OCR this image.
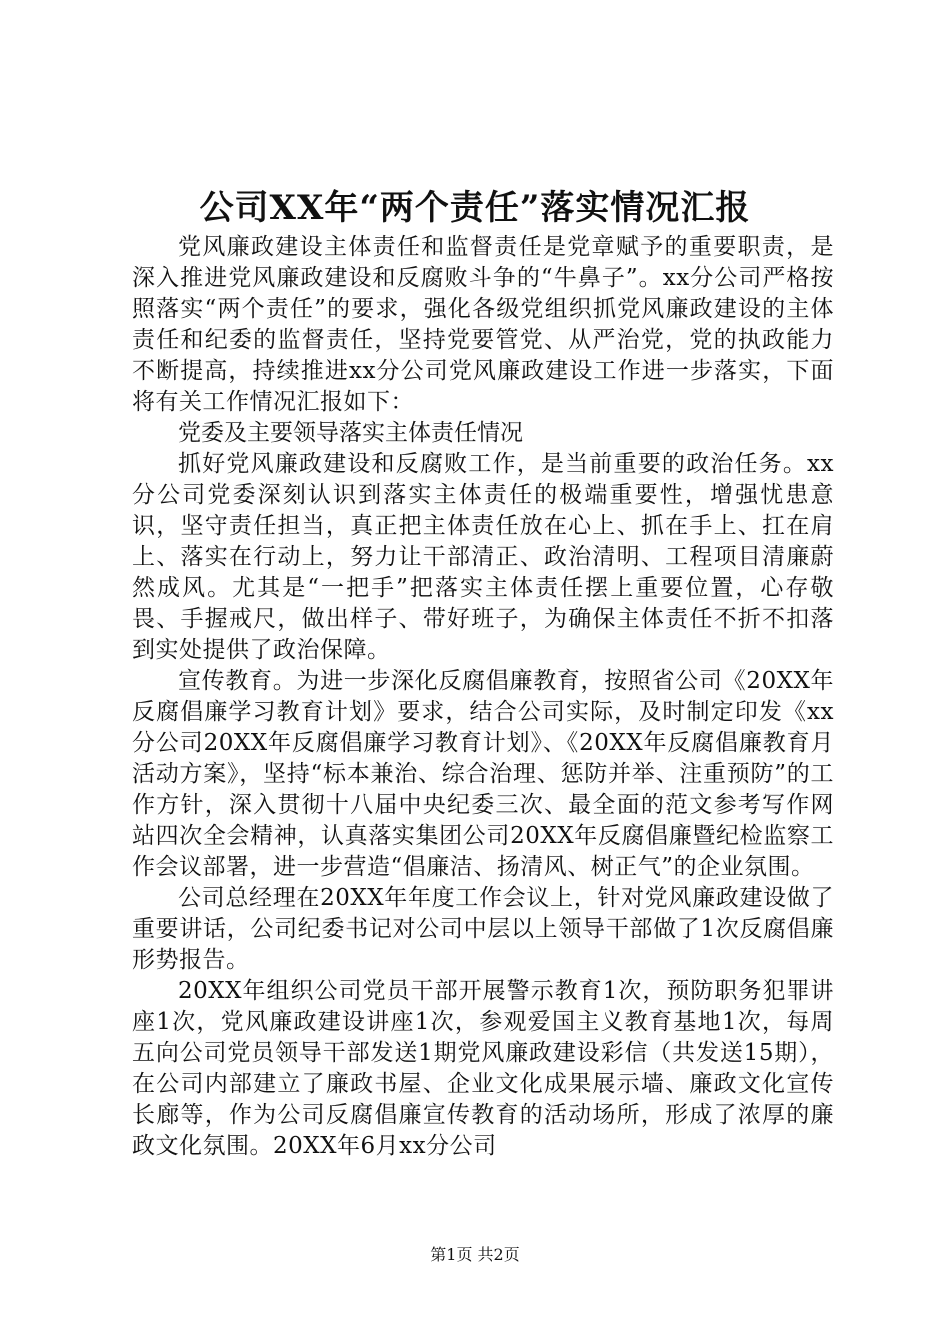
公司XX年“两个责任”落实情况汇报

党风廉政建设主体责任和监督责任是党章赋予的重要职责，是深入推进党风廉政建设和反腐败斗争的“牛鼻子”。xx分公司严格按照落实“两个责任”的要求，强化各级党组织抓党风廉政建设的主体责任和纪委的监督责任，坚持党要管党、从严治党，党的执政能力不断提高，持续推进xx分公司党风廉政建设工作进一步落实，下面将有关工作情况汇报如下：

党委及主要领导落实主体责任情况

抓好党风廉政建设和反腐败工作，是当前重要的政治任务。xx分公司党委深刻认识到落实主体责任的极端重要性，增强忧患意识，坚守责任担当，真正把主体责任放在心上、抓在手上、扛在肩上、落实在行动上，努力让干部清正、政治清明、工程项目清廉蔚然成风。尤其是“一把手”把落实主体责任摆上重要位置，心存敬畏、手握戒尺，做出样子、带好班子，为确保主体责任不折不扣落到实处提供了政治保障。

宣传教育。为进一步深化反腐倡廉教育，按照省公司《20XX年反腐倡廉学习教育计划》要求，结合公司实际，及时制定印发《xx分公司20XX年反腐倡廉学习教育计划》、《20XX年反腐倡廉教育月活动方案》，坚持“标本兼治、综合治理、惩防并举、注重预防”的工作方针，深入贯彻十八届中央纪委三次、最全面的范文参考写作网站四次全会精神，认真落实集团公司20XX年反腐倡廉暨纪检监察工作会议部署，进一步营造“倡廉洁、扬清风、树正气”的企业氛围。

公司总经理在20XX年年度工作会议上，针对党风廉政建设做了重要讲话，公司纪委书记对公司中层以上领导干部做了1次反腐倡廉形势报告。

20XX年组织公司党员干部开展警示教育1次，预防职务犯罪讲座1次，党风廉政建设讲座1次，参观爱国主义教育基地1次，每周五向公司党员领导干部发送1期党风廉政建设彩信（共发送15期），在公司内部建立了廉政书屋、企业文化成果展示墙、廉政文化宣传长廊等，作为公司反腐倡廉宣传教育的活动场所，形成了浓厚的廉政文化氛围。20XX年6月xx分公司

第1页 共2页
